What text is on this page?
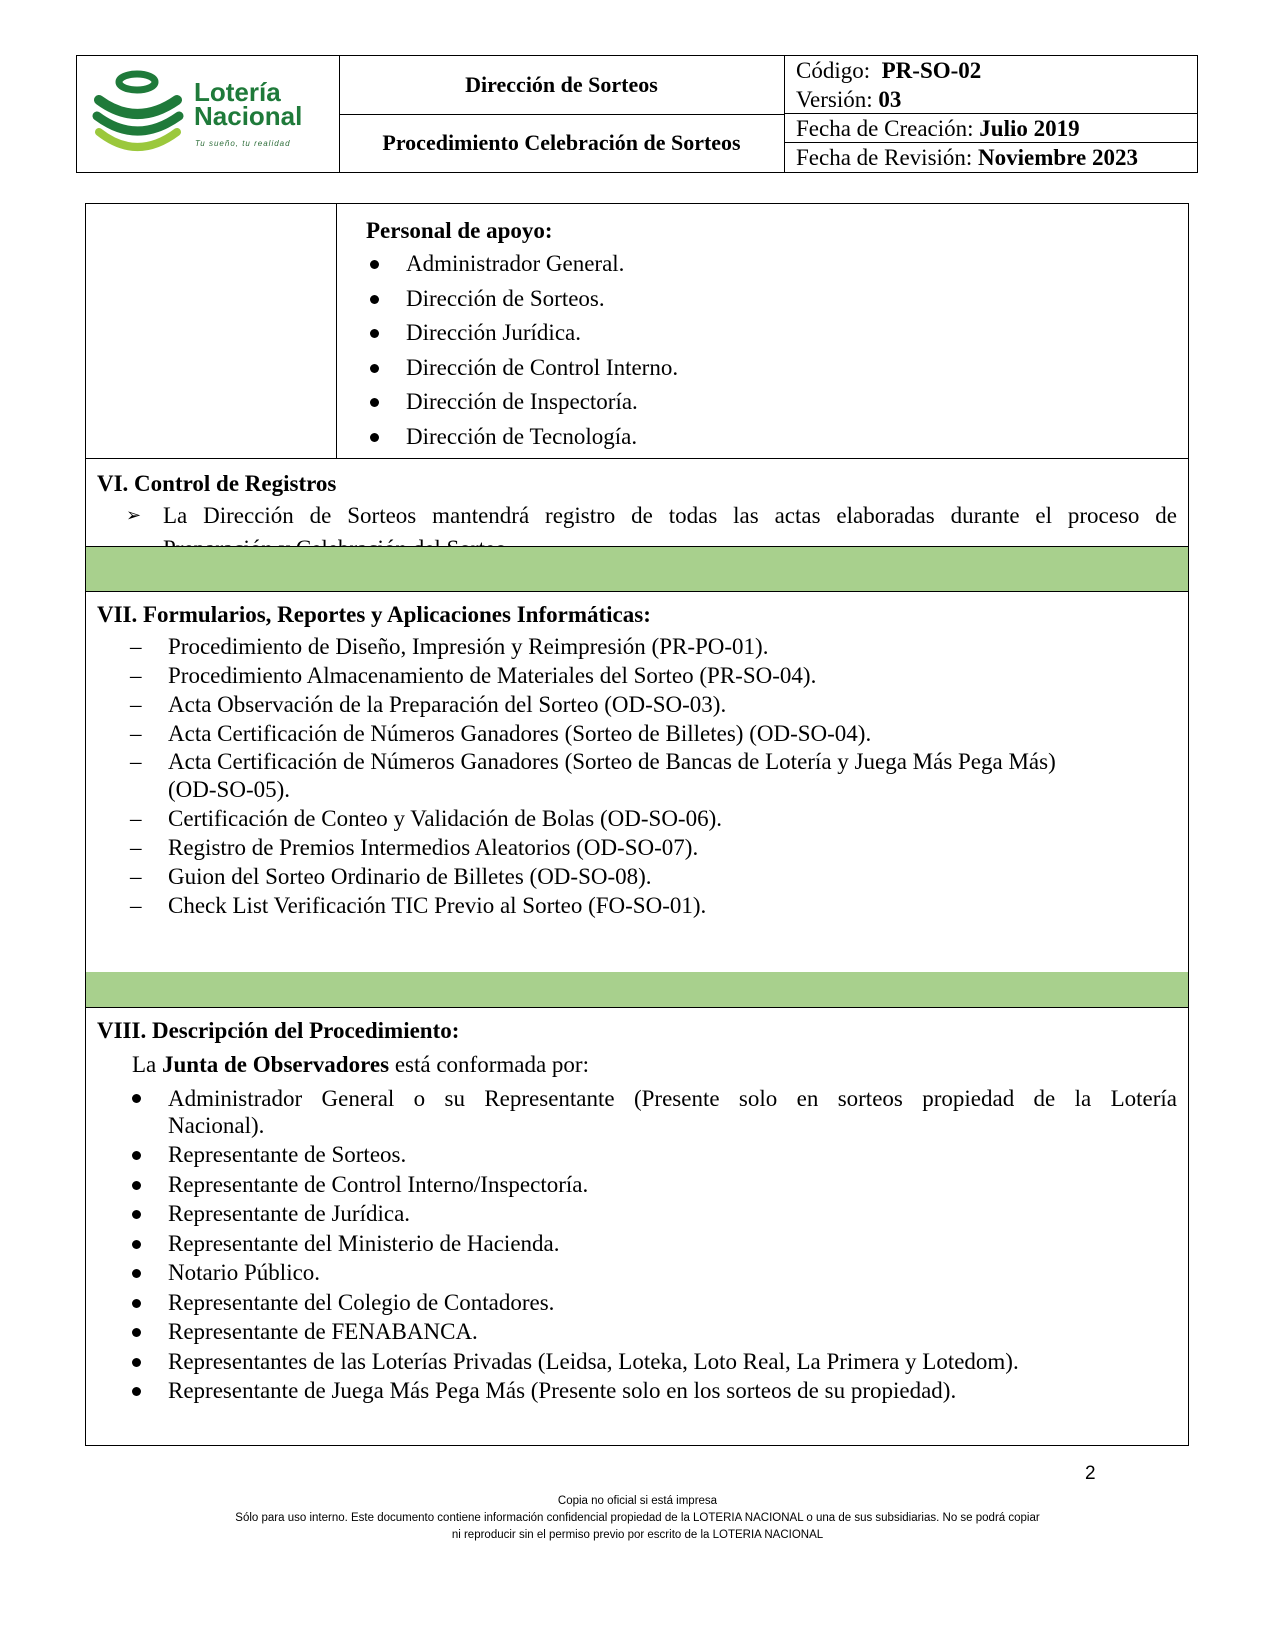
Lotería
Nacional
Tu sueño, tu realidad
Dirección de Sorteos
Procedimiento Celebración de Sorteos
Código: PR-SO-02
Versión: 03
Fecha de Creación: Julio 2019
Fecha de Revisión: Noviembre 2023
Personal de apoyo:
Administrador General.
Dirección de Sorteos.
Dirección Jurídica.
Dirección de Control Interno.
Dirección de Inspectoría.
Dirección de Tecnología.
VI. Control de Registros
➢ La Dirección de Sorteos mantendrá registro de todas las actas elaboradas durante el proceso de
VII. Formularios, Reportes y Aplicaciones Informáticas:
– Procedimiento de Diseño, Impresión y Reimpresión (PR-PO-01).
– Procedimiento Almacenamiento de Materiales del Sorteo (PR-SO-04).
– Acta Observación de la Preparación del Sorteo (OD-SO-03).
– Acta Certificación de Números Ganadores (Sorteo de Billetes) (OD-SO-04).
– Acta Certificación de Números Ganadores (Sorteo de Bancas de Lotería y Juega Más Pega Más)
(OD-SO-05).
– Certificación de Conteo y Validación de Bolas (OD-SO-06).
– Registro de Premios Intermedios Aleatorios (OD-SO-07).
– Guion del Sorteo Ordinario de Billetes (OD-SO-08).
– Check List Verificación TIC Previo al Sorteo (FO-SO-01).
VIII. Descripción del Procedimiento:
La Junta de Observadores está conformada por:
Administrador General o su Representante (Presente solo en sorteos propiedad de la Lotería
Nacional).
Representante de Sorteos.
Representante de Control Interno/Inspectoría.
Representante de Jurídica.
Representante del Ministerio de Hacienda.
Notario Público.
Representante del Colegio de Contadores.
Representante de FENABANCA.
Representantes de las Loterías Privadas (Leidsa, Loteka, Loto Real, La Primera y Lotedom).
Representante de Juega Más Pega Más (Presente solo en los sorteos de su propiedad).
2
Copia no oficial si está impresa
Sólo para uso interno. Este documento contiene información confidencial propiedad de la LOTERIA NACIONAL o una de sus subsidiarias. No se podrá copiar
ni reproducir sin el permiso previo por escrito de la LOTERIA NACIONAL
